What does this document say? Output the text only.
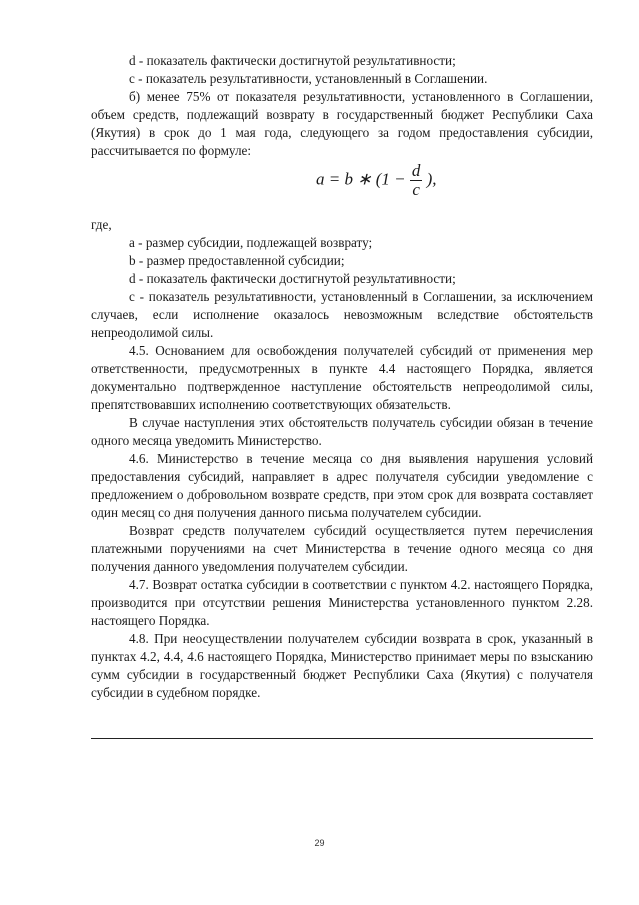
d - показатель фактически достигнутой результативности;

с - показатель результативности, установленный в Соглашении.

б) менее 75% от показателя результативности, установленного в Соглашении, объем средств, подлежащий возврату в государственный бюджет Республики Саха (Якутия) в срок до 1 мая года, следующего за годом предоставления субсидии, рассчитывается по формуле:

a = b ∗ ($1 - \frac{d}{c}$ ),

где,

a - размер субсидии, подлежащей возврату;

b - размер предоставленной субсидии;

d - показатель фактически достигнутой результативности;

с - показатель результативности, установленный в Соглашении, за исключением случаев, если исполнение оказалось невозможным вследствие обстоятельств непреодолимой силы.

4.5. Основанием для освобождения получателей субсидий от применения мер ответственности, предусмотренных в пункте 4.4 настоящего Порядка, является документально подтвержденное наступление обстоятельств непреодолимой силы, препятствовавших исполнению соответствующих обязательств.

В случае наступления этих обстоятельств получатель субсидии обязан в течение одного месяца уведомить Министерство.

4.6. Министерство в течение месяца со дня выявления нарушения условий предоставления субсидий, направляет в адрес получателя субсидии уведомление с предложением о добровольном возврате средств, при этом срок для возврата составляет один месяц со дня получения данного письма получателем субсидии.

Возврат средств получателем субсидий осуществляется путем перечисления платежными поручениями на счет Министерства в течение одного месяца со дня получения данного уведомления получателем субсидии.

4.7. Возврат остатка субсидии в соответствии с пунктом 4.2. настоящего Порядка, производится при отсутствии решения Министерства установленного пунктом 2.28. настоящего Порядка.

4.8. При неосуществлении получателем субсидии возврата в срок, указанный в пунктах 4.2, 4.4, 4.6 настоящего Порядка, Министерство принимает меры по взысканию сумм субсидии в государственный бюджет Республики Саха (Якутия) с получателя субсидии в судебном порядке.

29
